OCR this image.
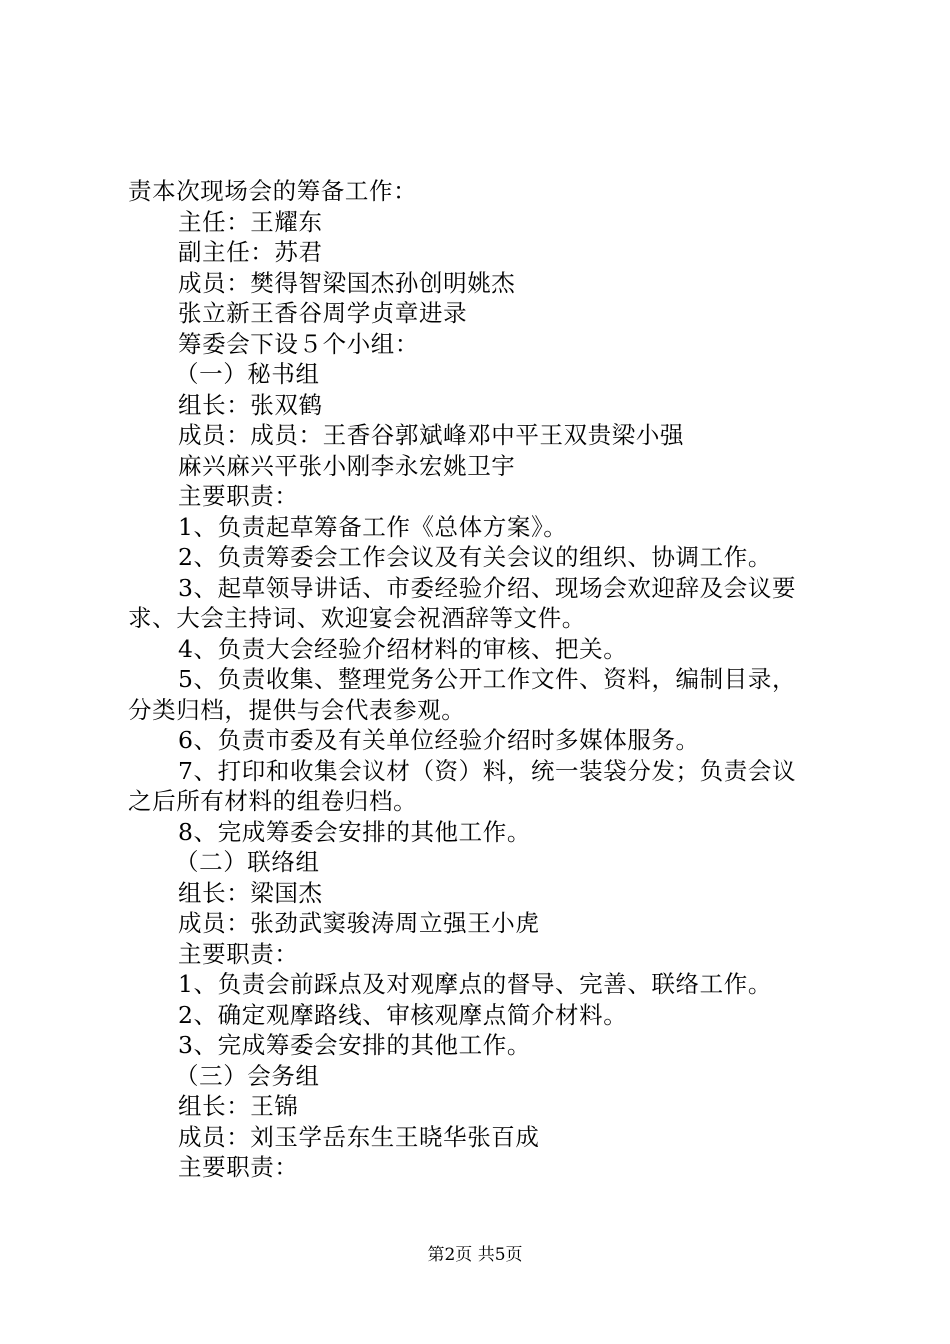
责本次现场会的筹备工作：
主任：王耀东
副主任：苏君
成员：樊得智梁国杰孙创明姚杰
张立新王香谷周学贞章进录
筹委会下设５个小组：
（一）秘书组
组长：张双鹤
成员：成员：王香谷郭斌峰邓中平王双贵梁小强
麻兴麻兴平张小刚李永宏姚卫宇
主要职责：
1、负责起草筹备工作《总体方案》。
2、负责筹委会工作会议及有关会议的组织、协调工作。
3、起草领导讲话、市委经验介绍、现场会欢迎辞及会议要
求、大会主持词、欢迎宴会祝酒辞等文件。
4、负责大会经验介绍材料的审核、把关。
5、负责收集、整理党务公开工作文件、资料，编制目录，
分类归档，提供与会代表参观。
6、负责市委及有关单位经验介绍时多媒体服务。
7、打印和收集会议材（资）料，统一装袋分发；负责会议
之后所有材料的组卷归档。
8、完成筹委会安排的其他工作。
（二）联络组
组长：梁国杰
成员：张劲武窦骏涛周立强王小虎
主要职责：
1、负责会前踩点及对观摩点的督导、完善、联络工作。
2、确定观摩路线、审核观摩点简介材料。
3、完成筹委会安排的其他工作。
（三）会务组
组长：王锦
成员：刘玉学岳东生王晓华张百成
主要职责：
第2页 共5页
